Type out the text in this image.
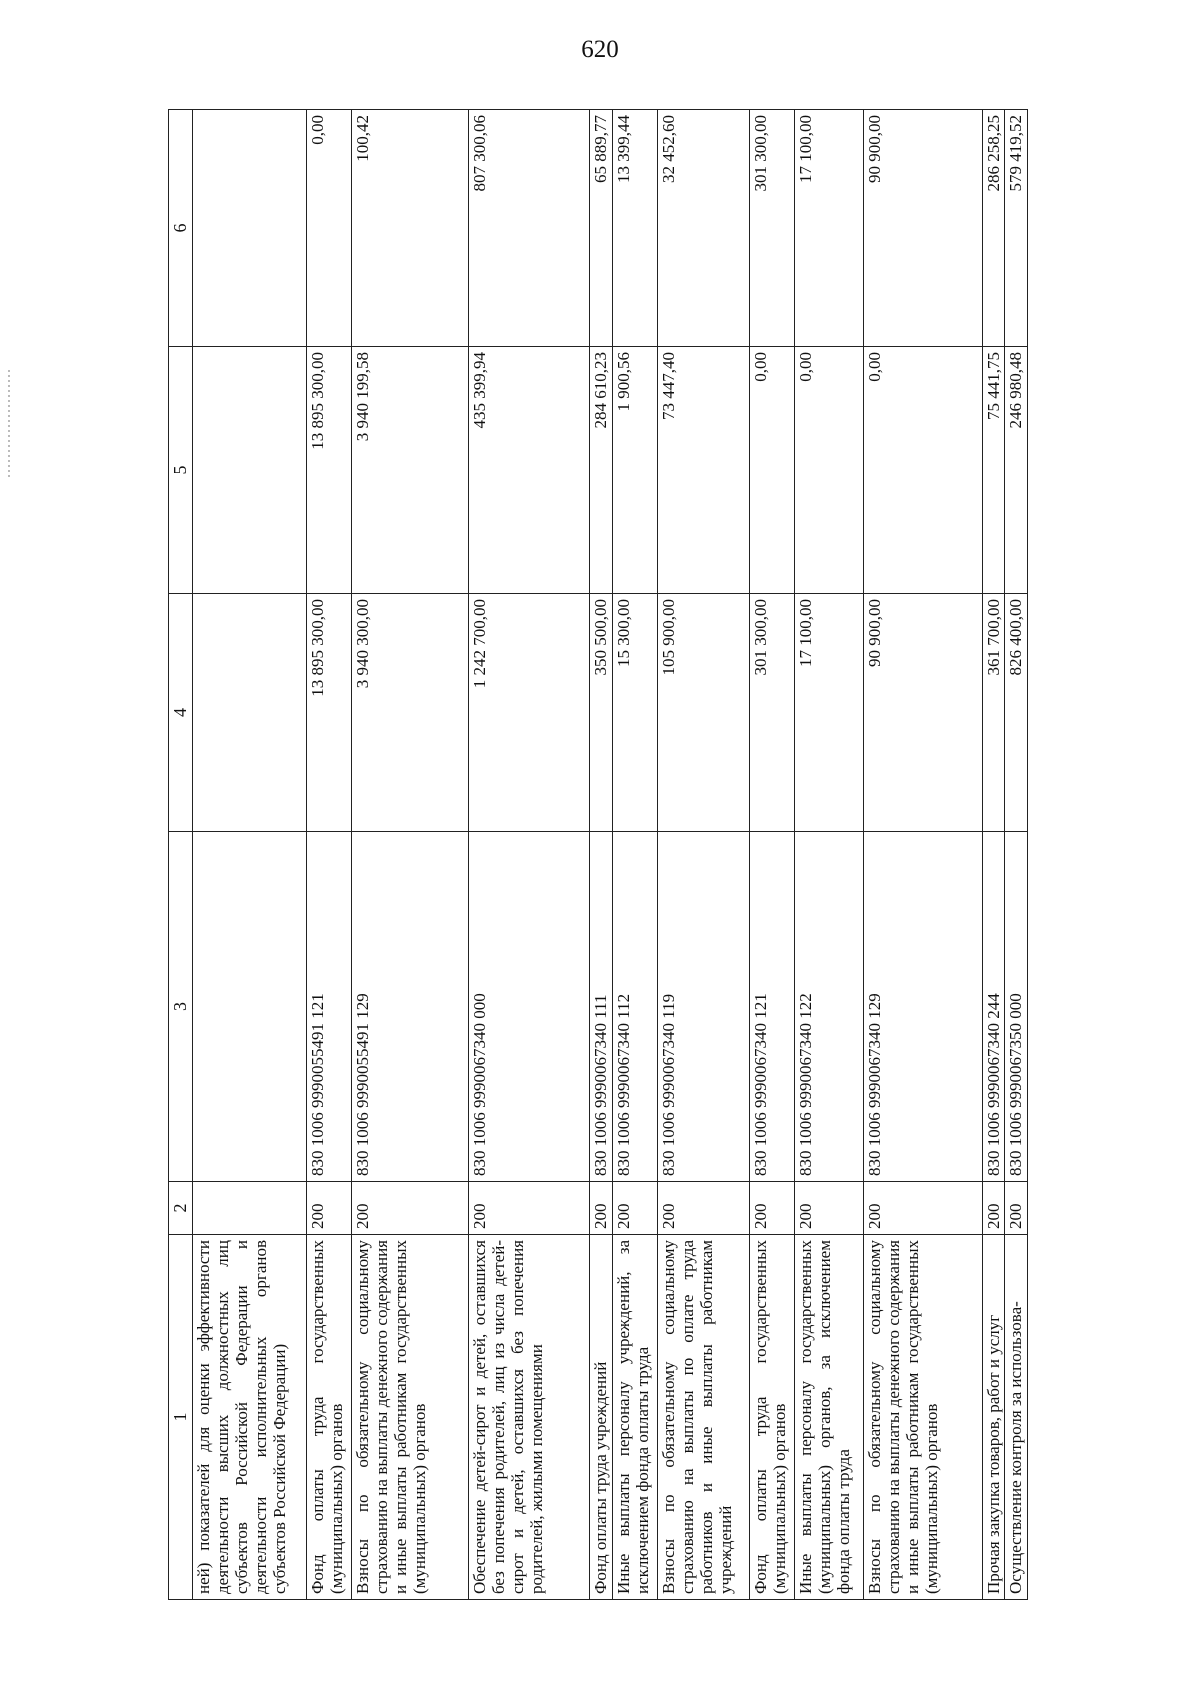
620
1	2	3	4	5	6
ней) показателей для оценки эффективности деятельности высших должностных лиц субъектов Российской Федерации и деятельности исполнительных органов субъектов Российской Федерации)					
Фонд оплаты труда государственных (муниципальных) органов	200	830 1006 9990055491 121	13 895 300,00	13 895 300,00	0,00
Взносы по обязательному социальному страхованию на выплаты денежного содержания и иные выплаты работникам государственных (муниципальных) органов	200	830 1006 9990055491 129	3 940 300,00	3 940 199,58	100,42
Обеспечение детей-сирот и детей, оставшихся без попечения родителей, лиц из числа детей-сирот и детей, оставшихся без попечения родителей, жилыми помещениями	200	830 1006 9990067340 000	1 242 700,00	435 399,94	807 300,06
Фонд оплаты труда учреждений	200	830 1006 9990067340 111	350 500,00	284 610,23	65 889,77
Иные выплаты персоналу учреждений, за исключением фонда оплаты труда	200	830 1006 9990067340 112	15 300,00	1 900,56	13 399,44
Взносы по обязательному социальному страхованию на выплаты по оплате труда работников и иные выплаты работникам учреждений	200	830 1006 9990067340 119	105 900,00	73 447,40	32 452,60
Фонд оплаты труда государственных (муниципальных) органов	200	830 1006 9990067340 121	301 300,00	0,00	301 300,00
Иные выплаты персоналу государственных (муниципальных) органов, за исключением фонда оплаты труда	200	830 1006 9990067340 122	17 100,00	0,00	17 100,00
Взносы по обязательному социальному страхованию на выплаты денежного содержания и иные выплаты работникам государственных (муниципальных) органов	200	830 1006 9990067340 129	90 900,00	0,00	90 900,00
Прочая закупка товаров, работ и услуг	200	830 1006 9990067340 244	361 700,00	75 441,75	286 258,25
Осуществление контроля за использова-	200	830 1006 9990067350 000	826 400,00	246 980,48	579 419,52
